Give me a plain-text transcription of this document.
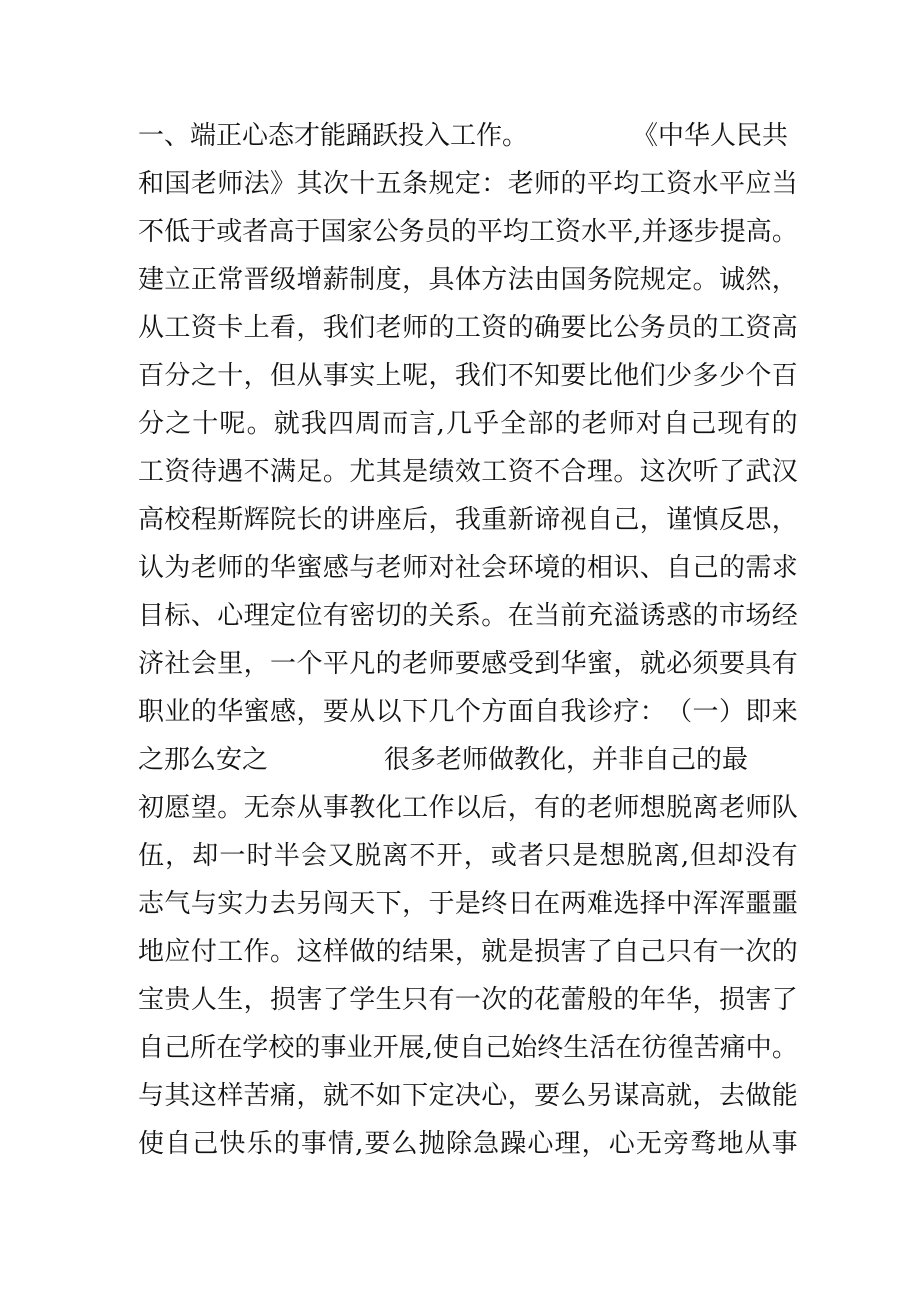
一、端正心态才能踊跃投入工作。	《中华人民共
和 国 老 师 法 》 其 次 十 五 条 规 定 ： 老 师 的 平 均 工 资 水 平 应 当
不 低 于 或 者 高 于 国 家 公 务 员 的 平 均 工 资 水 平 , 并 逐 步 提 高 。
建 立 正 常 晋 级 增 薪 制 度 ， 具 体 方 法 由 国 务 院 规 定 。 诚 然 ，
从 工 资 卡 上 看 ， 我 们 老 师 的 工 资 的 确 要 比 公 务 员 的 工 资 高
百 分 之 十 ， 但 从 事 实 上 呢 ， 我 们 不 知 要 比 他 们 少 多 少 个 百
分 之 十 呢 。 就 我 四 周 而 言 , 几 乎 全 部 的 老 师 对 自 己 现 有 的
工 资 待 遇 不 满 足 。 尤 其 是 绩 效 工 资 不 合 理 。 这 次 听 了 武 汉
高 校 程 斯 辉 院 长 的 讲 座 后 ， 我 重 新 谛 视 自 己 ， 谨 慎 反 思 ，
认 为 老 师 的 华 蜜 感 与 老 师 对 社 会 环 境 的 相 识 、 自 己 的 需 求
目 标 、 心 理 定 位 有 密 切 的 关 系 。 在 当 前 充 溢 诱 惑 的 市 场 经
济 社 会 里 ， 一 个 平 凡 的 老 师 要 感 受 到 华 蜜 ， 就 必 须 要 具 有
职 业 的 华 蜜 感 ， 要 从 以 下 几 个 方 面 自 我 诊 疗 ： （ 一 ） 即 来
之那么安之	很多老师做教化，并非自己的最
初 愿 望 。 无 奈 从 事 教 化 工 作 以 后 ， 有 的 老 师 想 脱 离 老 师 队
伍 ， 却 一 时 半 会 又 脱 离 不 开 ， 或 者 只 是 想 脱 离 , 但 却 没 有
志 气 与 实 力 去 另 闯 天 下 ， 于 是 终 日 在 两 难 选 择 中 浑 浑 噩 噩
地 应 付 工 作 。 这 样 做 的 结 果 ， 就 是 损 害 了 自 己 只 有 一 次 的
宝 贵 人 生 ， 损 害 了 学 生 只 有 一 次 的 花 蕾 般 的 年 华 ， 损 害 了
自 己 所 在 学 校 的 事 业 开 展 , 使 自 己 始 终 生 活 在 彷 徨 苦 痛 中 。
与 其 这 样 苦 痛 ， 就 不 如 下 定 决 心 ， 要 么 另 谋 高 就 ， 去 做 能
使 自 己 快 乐 的 事 情 , 要 么 抛 除 急 躁 心 理 ， 心 无 旁 骛 地 从 事
